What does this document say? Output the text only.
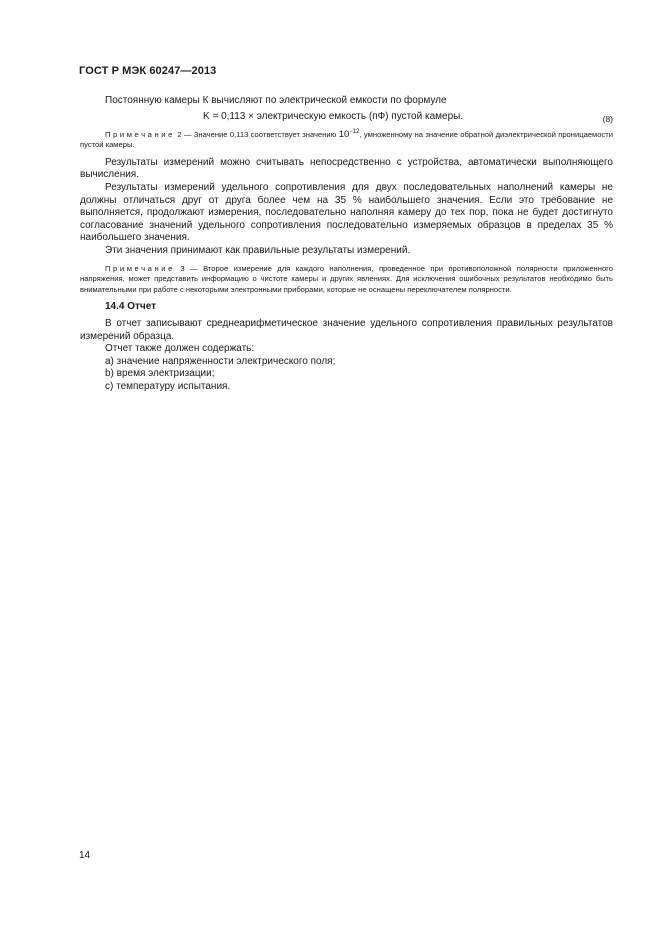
ГОСТ Р МЭК 60247—2013

Постоянную камеры К вычисляют по электрической емкости по формуле

K = 0,113 × электрическую емкость (пФ) пустой камеры.	(8)

Примечание 2 — Значение 0,113 соответствует значению $10^{-12}$, умноженному на значение обратной диэлектрической проницаемости пустой камеры.

Результаты измерений можно считывать непосредственно с устройства, автоматически выполняющего вычисления.

Результаты измерений удельного сопротивления для двух последовательных наполнений камеры не должны отличаться друг от друга более чем на 35 % наибольшего значения. Если это требование не выполняется, продолжают измерения, последовательно наполняя камеру до тех пор, пока не будет достигнуто согласование значений удельного сопротивления последовательно измеряемых образцов в пределах 35 % наибольшего значения.

Эти значения принимают как правильные результаты измерений.

Примечание 3 — Второе измерение для каждого наполнения, проведенное при противоположной полярности приложенного напряжения, может представить информацию о чистоте камеры и других явлениях. Для исключения ошибочных результатов необходимо быть внимательными при работе с некоторыми электронными приборами, которые не оснащены переключателем полярности.

14.4 Отчет

В отчет записывают среднеарифметическое значение удельного сопротивления правильных результатов измерений образца.

Отчет также должен содержать:

a) значение напряженности электрического поля;

b) время электризации;

c) температуру испытания.

14
